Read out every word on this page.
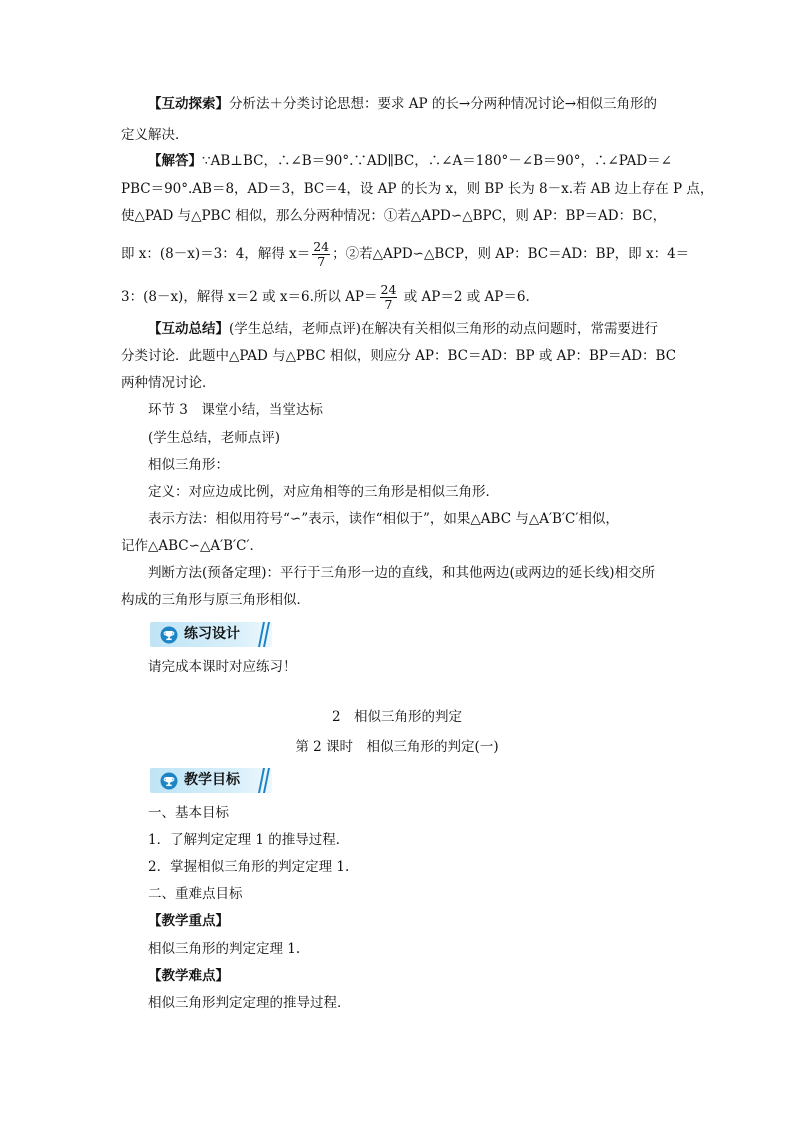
【互动探索】分析法＋分类讨论思想：要求 AP 的长→分两种情况讨论→相似三角形的
定义解决．
【解答】∵AB⊥BC，∴∠B＝90°.∵AD∥BC，∴∠A＝180°－∠B＝90°，∴∠PAD＝∠
PBC＝90°.AB＝8，AD＝3，BC＝4，设 AP 的长为 x，则 BP 长为 8－x.若 AB 边上存在 P 点，
使△PAD 与△PBC 相似，那么分两种情况：①若△APD∽△BPC，则 AP：BP＝AD：BC，
即 x：(8－x)＝3：4，解得 $x= \frac{24}{7}$ ；②若△APD∽△BCP，则 AP：BC＝AD：BP，即 x：4＝
3：(8－x)，解得 x＝2 或 x＝6.所以 $AP= \frac{24}{7}$ 或 AP＝2 或 AP＝6.
【互动总结】(学生总结，老师点评)在解决有关相似三角形的动点问题时，常需要进行
分类讨论．此题中△PAD 与△PBC 相似，则应分 AP：BC＝AD：BP 或 AP：BP＝AD：BC
两种情况讨论．
环节 3　课堂小结，当堂达标
(学生总结，老师点评)
相似三角形：
定义：对应边成比例，对应角相等的三角形是相似三角形．
表示方法：相似用符号“∽”表示，读作“相似于”，如果△ABC 与△A′B′C′相似，
记作△ABC∽△A′B′C′．
判断方法(预备定理)：平行于三角形一边的直线，和其他两边(或两边的延长线)相交所
构成的三角形与原三角形相似．
练习设计
请完成本课时对应练习！
2　相似三角形的判定
第 2 课时　相似三角形的判定(一)
教学目标
一、基本目标
1．了解判定定理 1 的推导过程．
2．掌握相似三角形的判定定理 1.
二、重难点目标
【教学重点】
相似三角形的判定定理 1.
【教学难点】
相似三角形判定定理的推导过程．
